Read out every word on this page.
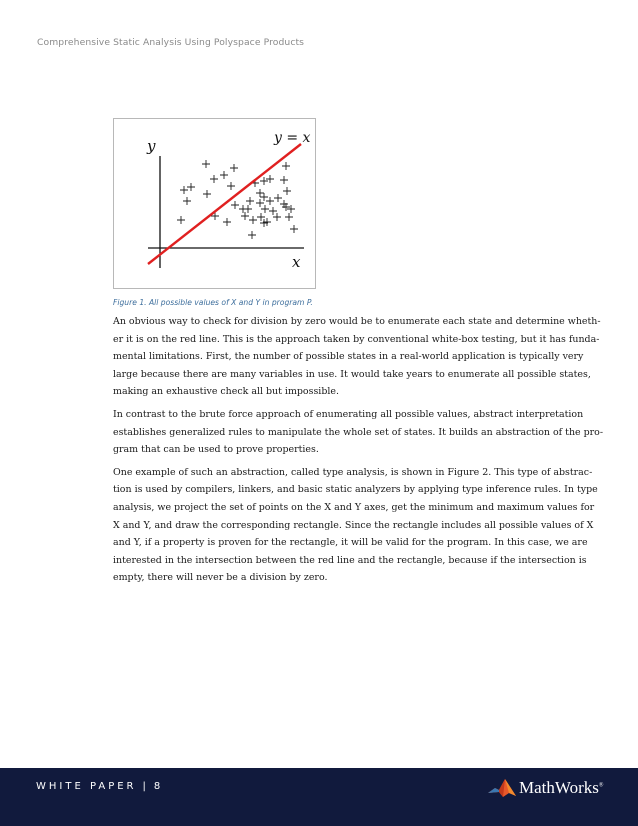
Comprehensive Static Analysis Using Polyspace Products
y
x
y = x
Figure 1. All possible values of X and Y in program P.

An obvious way to check for division by zero would be to enumerate each state and determine wheth-
er it is on the red line. This is the approach taken by conventional white-box testing, but it has funda-
mental limitations. First, the number of possible states in a real-world application is typically very
large because there are many variables in use. It would take years to enumerate all possible states,
making an exhaustive check all but impossible.

In contrast to the brute force approach of enumerating all possible values, abstract interpretation
establishes generalized rules to manipulate the whole set of states. It builds an abstraction of the pro-
gram that can be used to prove properties.

One example of such an abstraction, called type analysis, is shown in Figure 2. This type of abstrac-
tion is used by compilers, linkers, and basic static analyzers by applying type inference rules. In type
analysis, we project the set of points on the X and Y axes, get the minimum and maximum values for
X and Y, and draw the corresponding rectangle. Since the rectangle includes all possible values of X
and Y, if a property is proven for the rectangle, it will be valid for the program. In this case, we are
interested in the intersection between the red line and the rectangle, because if the intersection is
empty, there will never be a division by zero.

WHITE PAPER | 8	MathWorks®
